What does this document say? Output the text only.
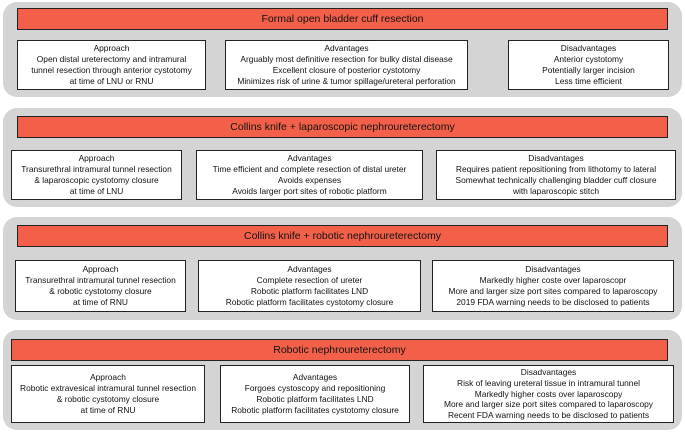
Formal open bladder cuff resection
Approach
Open distal ureterectomy and intramural
tunnel resection through anterior cystotomy
at time of LNU or RNU
Advantages
Arguably most definitive resection for bulky distal disease
Excellent closure of posterior cystotomy
Minimizes risk of urine & tumor spillage/ureteral perforation
Disadvantages
Anterior cystotomy
Potentially larger incision
Less time efficient
Collins knife + laparoscopic nephroureterectomy
Approach
Transurethral intramural tunnel resection
& laparoscopic cystotomy closure
at time of LNU
Advantages
Time efficient and complete resection of distal ureter
Avoids expenses
Avoids larger port sites of robotic platform
Disadvantages
Requires patient repositioning from lithotomy to lateral
Somewhat technically challenging bladder cuff closure
with laparoscopic stitch
Collins knife + robotic nephroureterectomy
Approach
Transurethral intramural tunnel resection
& robotic cystotomy closure
at time of RNU
Advantages
Complete resection of ureter
Robotic platform facilitates LND
Robotic platform facilitates cystotomy closure
Disadvantages
Markedly higher coste over laparoscopr
More and larger size port sites compared to laparoscopy
2019 FDA warning needs to be disclosed to patients
Robotic nephroureterectomy
Approach
Robotic extravesical intramural tunnel resection
& robotic cystotomy closure
at time of RNU
Advantages
Forgoes cystoscopy and repositioning
Robotic platform facilitates LND
Robotic platform facilitates cystotomy closure
Disadvantages
Risk of leaving ureteral tissue in intramural tunnel
Markedly higher costs over laparoscopy
More and larger size port sites compared to laparoscopy
Recent FDA warning needs to be disclosed to patients
